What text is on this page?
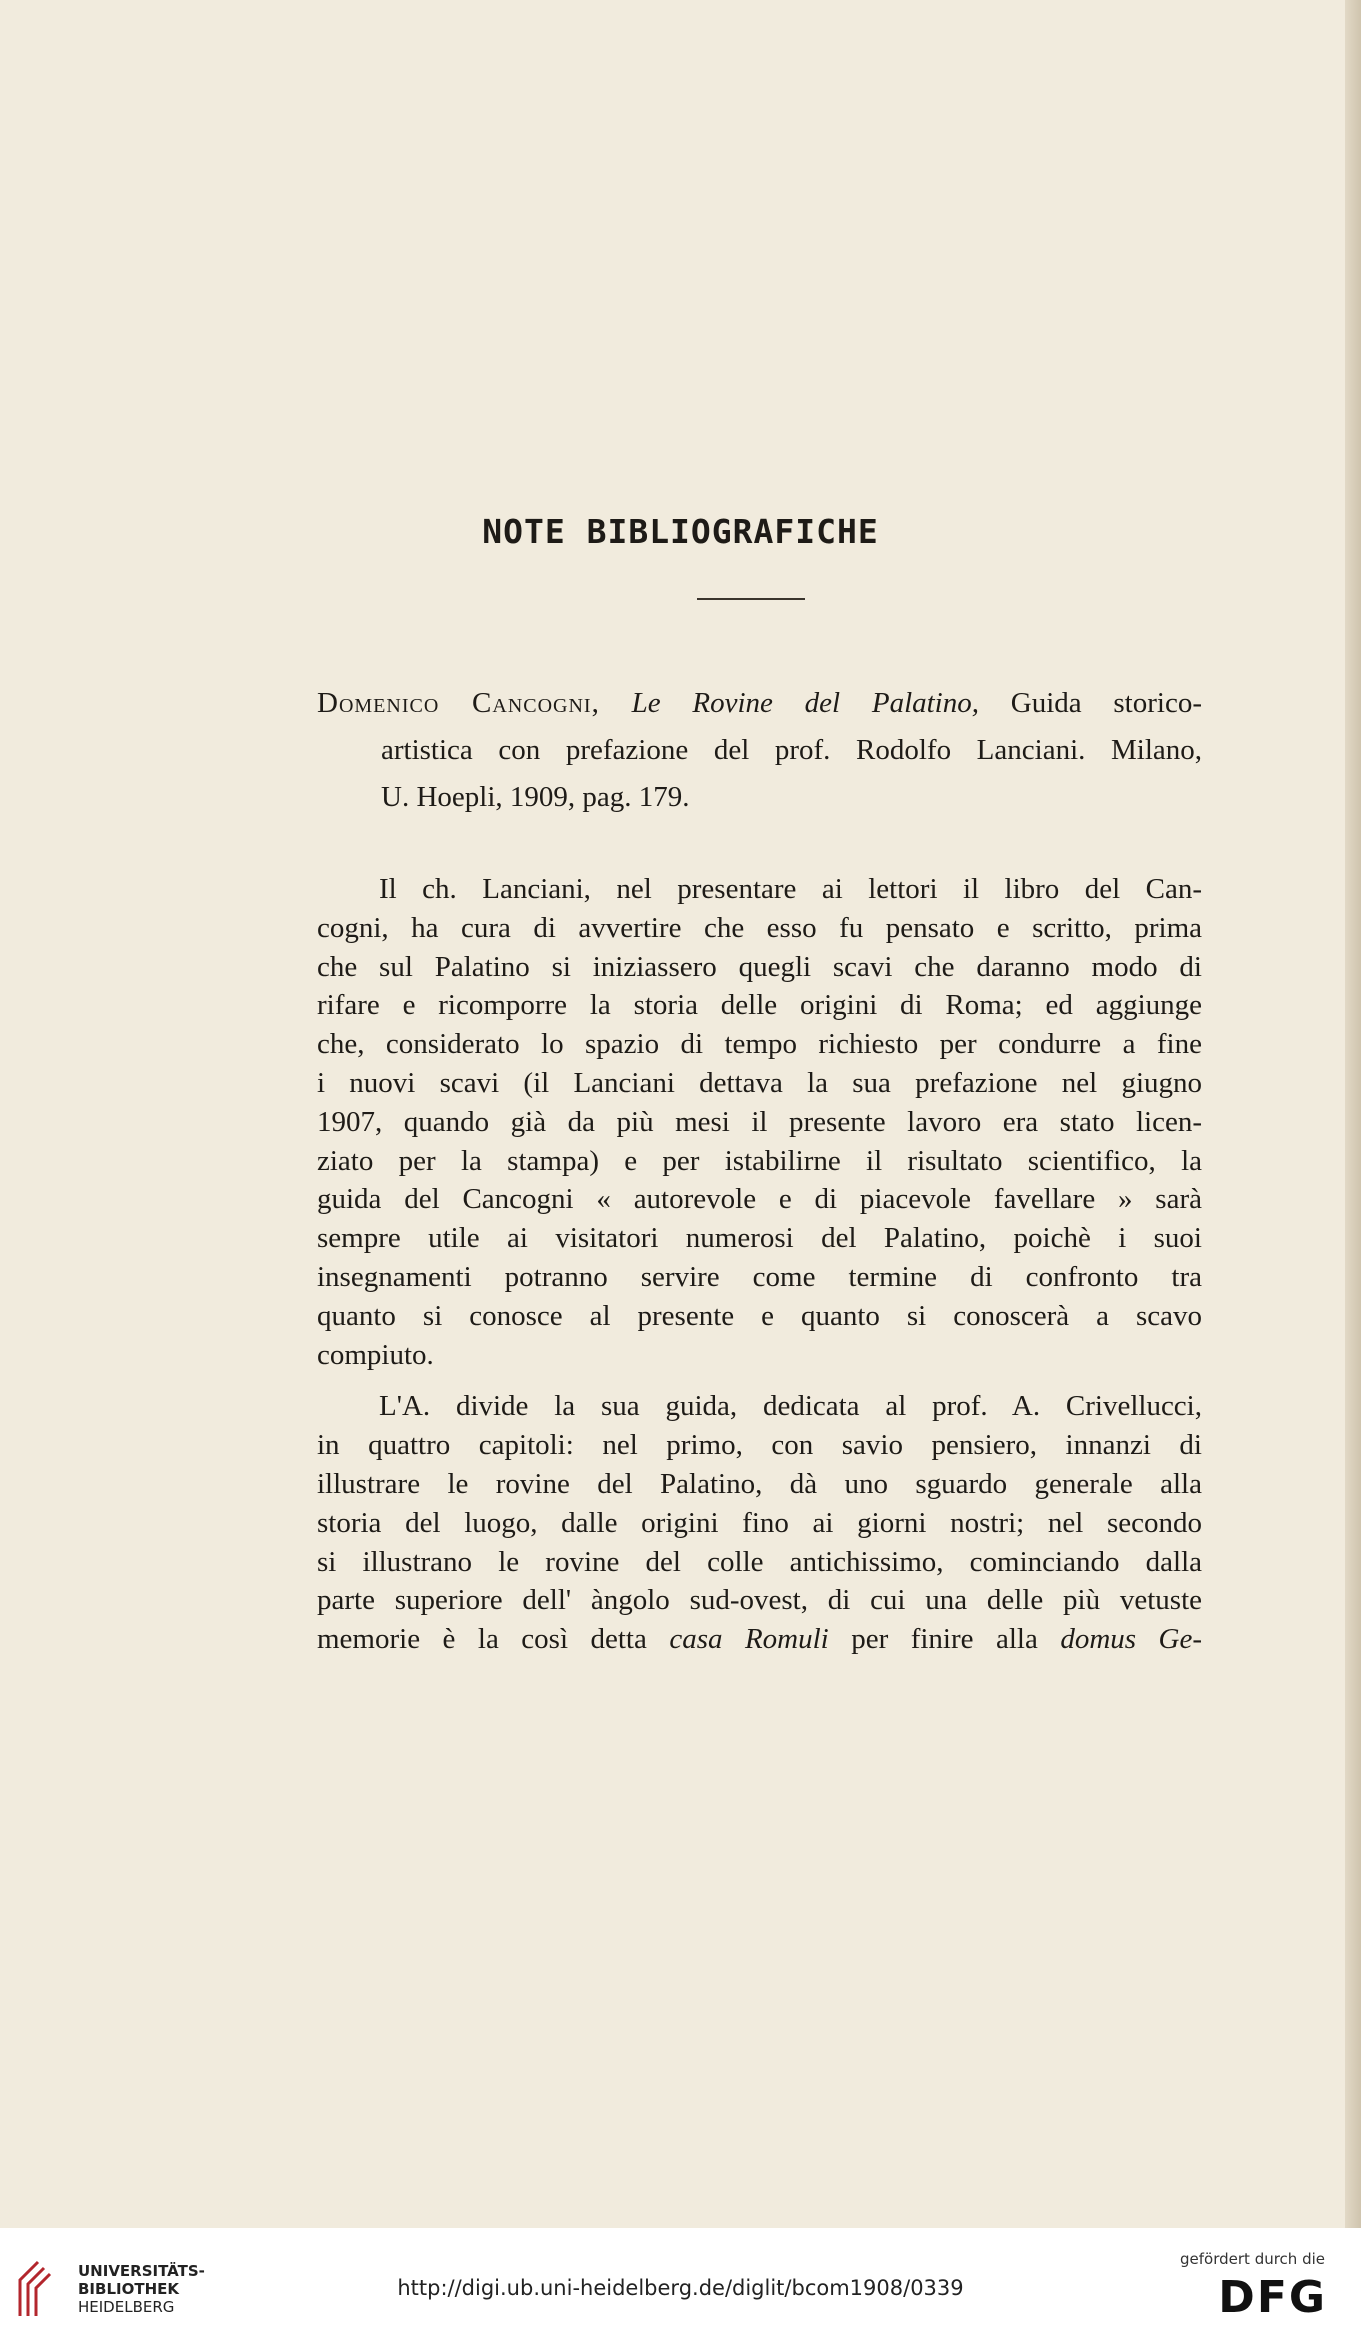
NOTE BIBLIOGRAFICHE
Domenico Cancogni, Le Rovine del Palatino, Guida storico-
artistica con prefazione del prof. Rodolfo Lanciani. Milano,
U. Hoepli, 1909, pag. 179.
Il ch. Lanciani, nel presentare ai lettori il libro del Can-
cogni, ha cura di avvertire che esso fu pensato e scritto, prima
che sul Palatino si iniziassero quegli scavi che daranno modo di
rifare e ricomporre la storia delle origini di Roma; ed aggiunge
che, considerato lo spazio di tempo richiesto per condurre a fine
i nuovi scavi (il Lanciani dettava la sua prefazione nel giugno
1907, quando già da più mesi il presente lavoro era stato licen-
ziato per la stampa) e per istabilirne il risultato scientifico, la
guida del Cancogni « autorevole e di piacevole favellare » sarà
sempre utile ai visitatori numerosi del Palatino, poichè i suoi
insegnamenti potranno servire come termine di confronto tra
quanto si conosce al presente e quanto si conoscerà a scavo
compiuto.
L'A. divide la sua guida, dedicata al prof. A. Crivellucci,
in quattro capitoli: nel primo, con savio pensiero, innanzi di
illustrare le rovine del Palatino, dà uno sguardo generale alla
storia del luogo, dalle origini fino ai giorni nostri; nel secondo
si illustrano le rovine del colle antichissimo, cominciando dalla
parte superiore dell' àngolo sud-ovest, di cui una delle più vetuste
memorie è la così detta casa Romuli per finire alla domus Ge-
UNIVERSITÄTS-
BIBLIOTHEK
HEIDELBERG
http://digi.ub.uni-heidelberg.de/diglit/bcom1908/0339
gefördert durch die
DFG
